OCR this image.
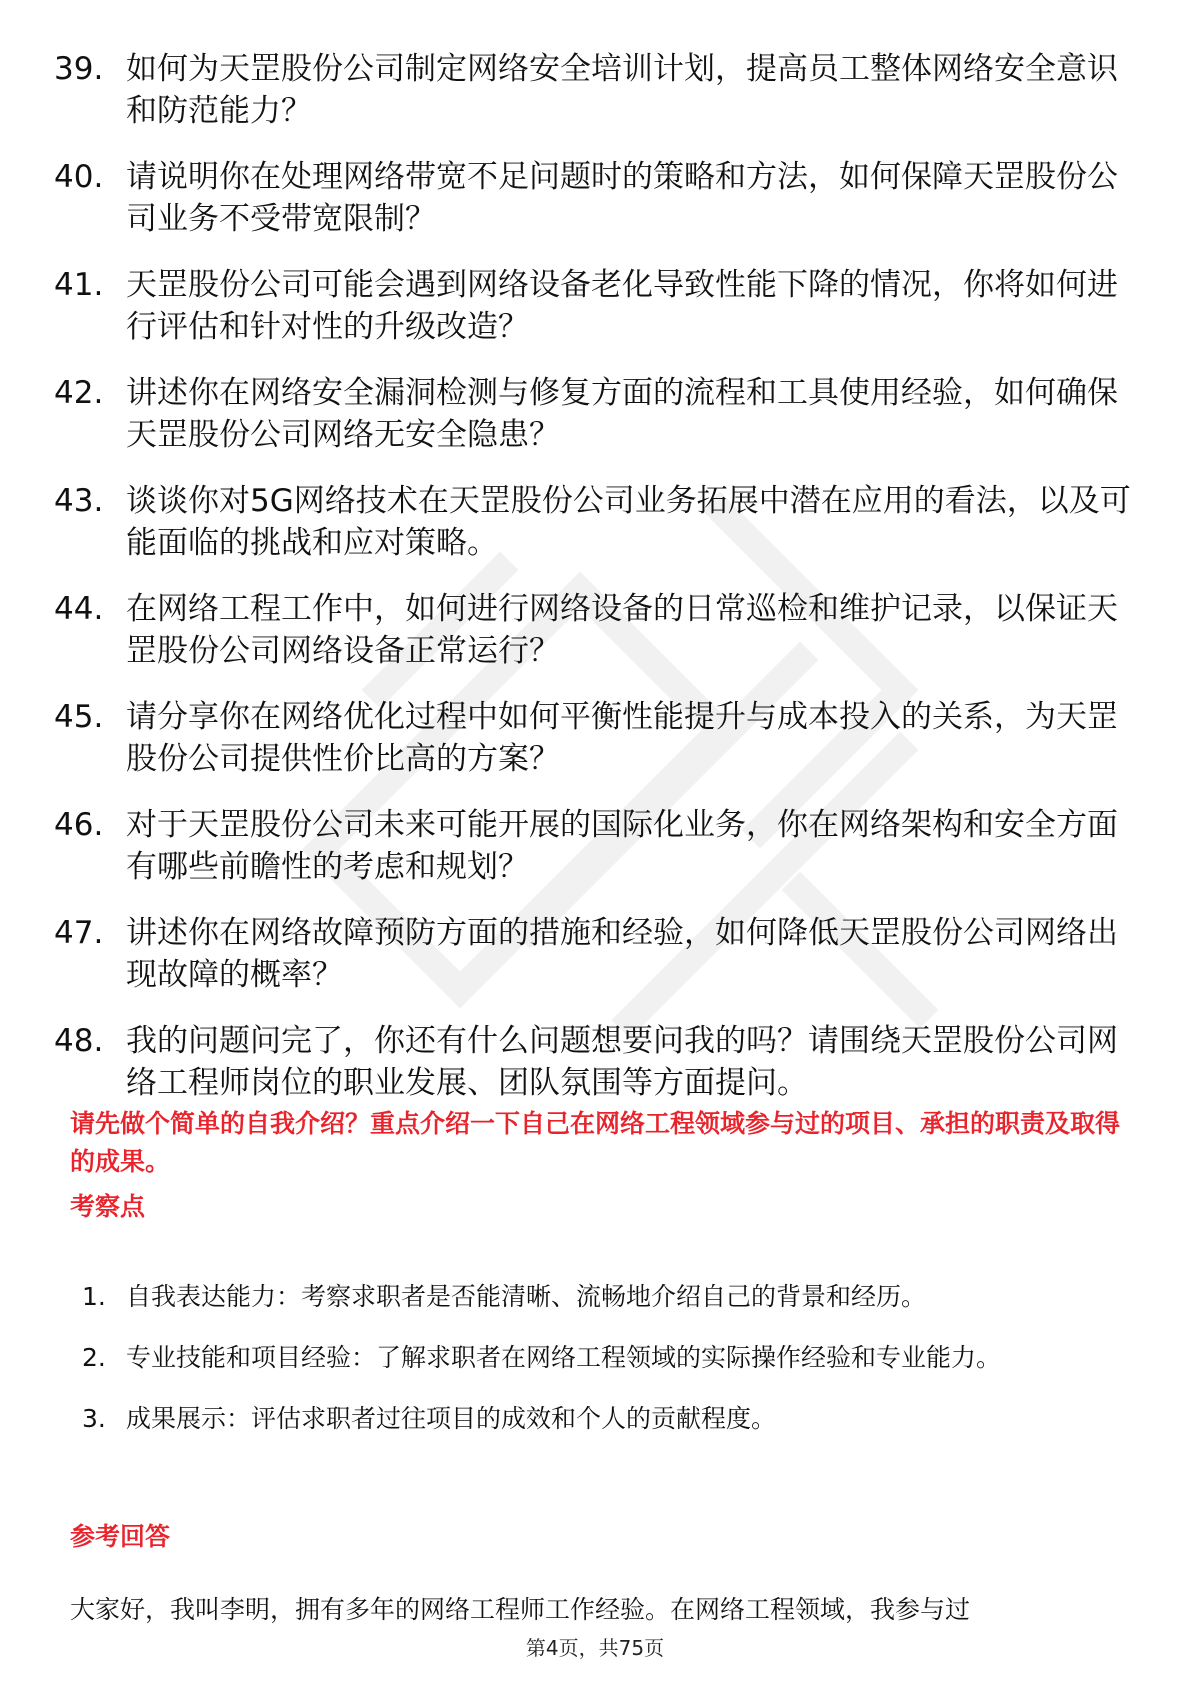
39. 如何为天罡股份公司制定网络安全培训计划，提高员工整体网络安全意识和防范能力？
40. 请说明你在处理网络带宽不足问题时的策略和方法，如何保障天罡股份公司业务不受带宽限制？
41. 天罡股份公司可能会遇到网络设备老化导致性能下降的情况，你将如何进行评估和针对性的升级改造？
42. 讲述你在网络安全漏洞检测与修复方面的流程和工具使用经验，如何确保天罡股份公司网络无安全隐患？
43. 谈谈你对5G网络技术在天罡股份公司业务拓展中潜在应用的看法，以及可能面临的挑战和应对策略。
44. 在网络工程工作中，如何进行网络设备的日常巡检和维护记录，以保证天罡股份公司网络设备正常运行？
45. 请分享你在网络优化过程中如何平衡性能提升与成本投入的关系，为天罡股份公司提供性价比高的方案？
46. 对于天罡股份公司未来可能开展的国际化业务，你在网络架构和安全方面有哪些前瞻性的考虑和规划？
47. 讲述你在网络故障预防方面的措施和经验，如何降低天罡股份公司网络出现故障的概率？
48. 我的问题问完了，你还有什么问题想要问我的吗？请围绕天罡股份公司网络工程师岗位的职业发展、团队氛围等方面提问。
请先做个简单的自我介绍？重点介绍一下自己在网络工程领域参与过的项目、承担的职责及取得的成果。
考察点
1. 自我表达能力：考察求职者是否能清晰、流畅地介绍自己的背景和经历。
2. 专业技能和项目经验：了解求职者在网络工程领域的实际操作经验和专业能力。
3. 成果展示：评估求职者过往项目的成效和个人的贡献程度。
参考回答
大家好，我叫李明，拥有多年的网络工程师工作经验。在网络工程领域，我参与过
第4页，共75页
